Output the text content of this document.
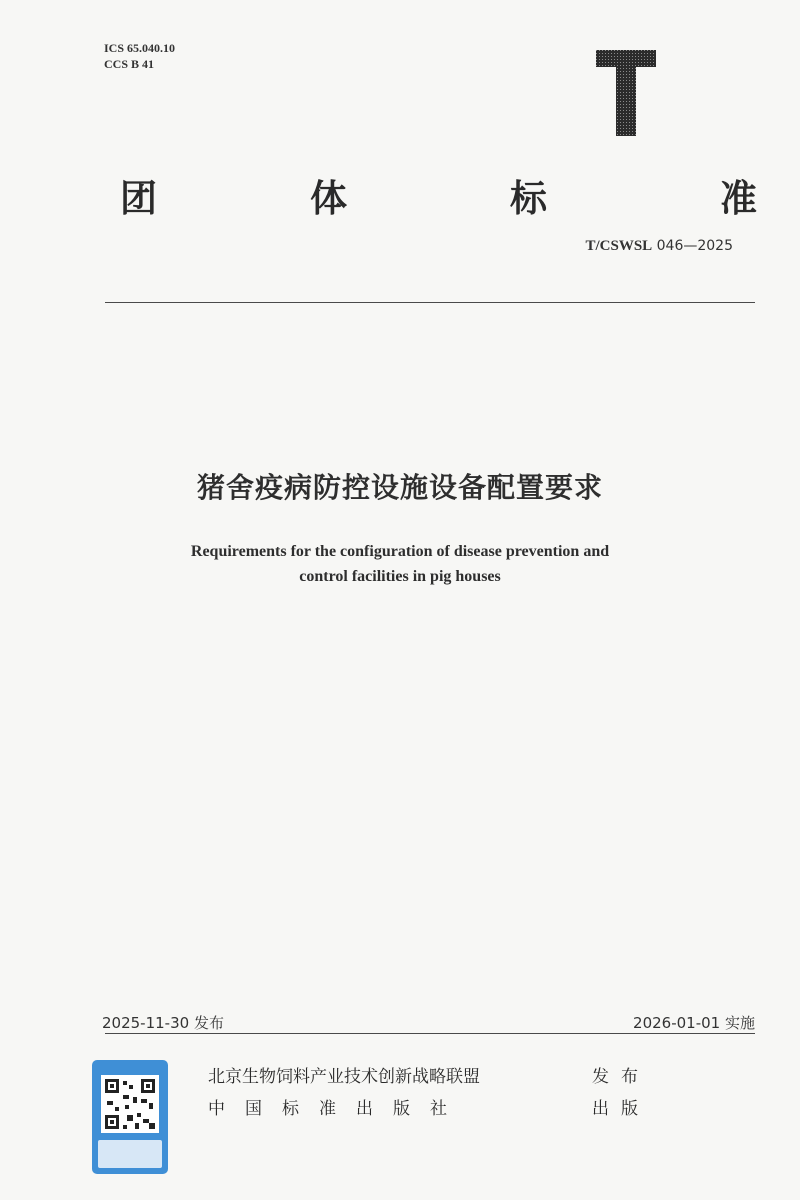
ICS 65.040.10
CCS B 41
团	体	标	准
T/CSWSL 046—2025
猪舍疫病防控设施设备配置要求
Requirements for the configuration of disease prevention and
control facilities in pig houses
2025-11-30 发布	2026-01-01 实施
北京生物饲料产业技术创新战略联盟	发布
中国标准出版社	出版
